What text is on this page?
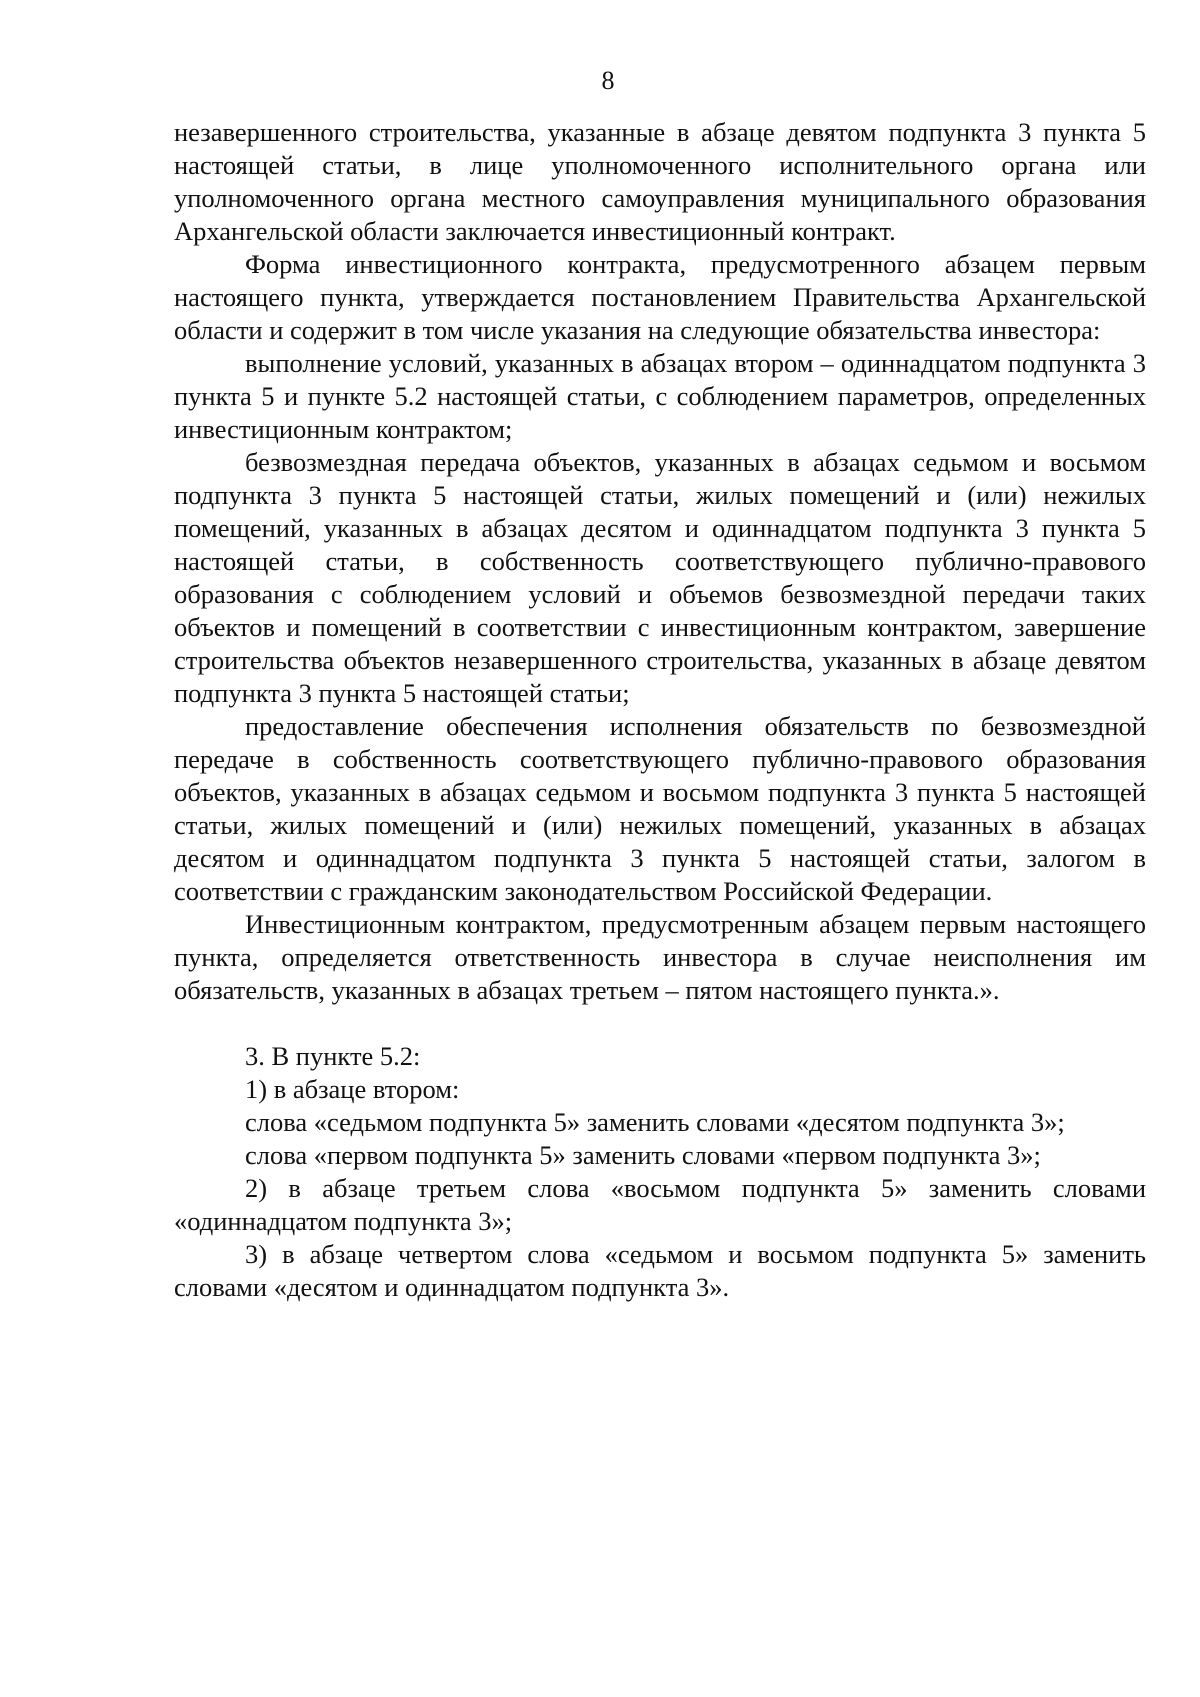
8

незавершенного строительства, указанные в абзаце девятом подпункта 3 пункта 5 настоящей статьи, в лице уполномоченного исполнительного органа или уполномоченного органа местного самоуправления муниципального образования Архангельской области заключается инвестиционный контракт.

Форма инвестиционного контракта, предусмотренного абзацем первым настоящего пункта, утверждается постановлением Правительства Архангельской области и содержит в том числе указания на следующие обязательства инвестора:

выполнение условий, указанных в абзацах втором – одиннадцатом подпункта 3 пункта 5 и пункте 5.2 настоящей статьи, с соблюдением параметров, определенных инвестиционным контрактом;

безвозмездная передача объектов, указанных в абзацах седьмом и восьмом подпункта 3 пункта 5 настоящей статьи, жилых помещений и (или) нежилых помещений, указанных в абзацах десятом и одиннадцатом подпункта 3 пункта 5 настоящей статьи, в собственность соответствующего публично-правового образования с соблюдением условий и объемов безвозмездной передачи таких объектов и помещений в соответствии с инвестиционным контрактом, завершение строительства объектов незавершенного строительства, указанных в абзаце девятом подпункта 3 пункта 5 настоящей статьи;

предоставление обеспечения исполнения обязательств по безвозмездной передаче в собственность соответствующего публично-правового образования объектов, указанных в абзацах седьмом и восьмом подпункта 3 пункта 5 настоящей статьи, жилых помещений и (или) нежилых помещений, указанных в абзацах десятом и одиннадцатом подпункта 3 пункта 5 настоящей статьи, залогом в соответствии с гражданским законодательством Российской Федерации.

Инвестиционным контрактом, предусмотренным абзацем первым настоящего пункта, определяется ответственность инвестора в случае неисполнения им обязательств, указанных в абзацах третьем – пятом настоящего пункта.».

3. В пункте 5.2:

1) в абзаце втором:

слова «седьмом подпункта 5» заменить словами «десятом подпункта 3»;

слова «первом подпункта 5» заменить словами «первом подпункта 3»;

2) в абзаце третьем слова «восьмом подпункта 5» заменить словами «одиннадцатом подпункта 3»;

3) в абзаце четвертом слова «седьмом и восьмом подпункта 5» заменить словами «десятом и одиннадцатом подпункта 3».
